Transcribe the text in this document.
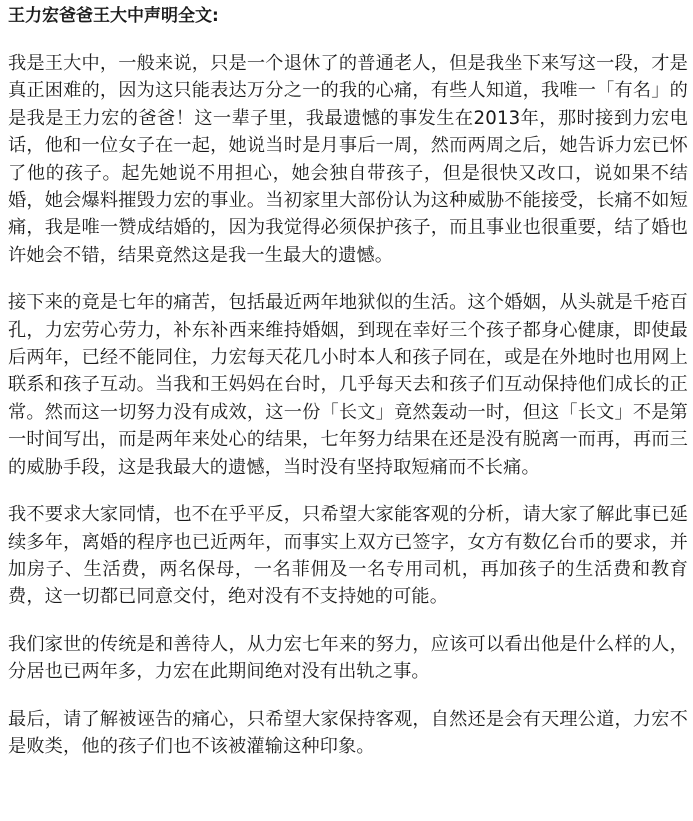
王力宏爸爸王大中声明全文:

我是王大中，一般来说，只是一个退休了的普通老人，但是我坐下来写这一段，才是真正困难的，因为这只能表达万分之一的我的心痛，有些人知道，我唯一「有名」的是我是王力宏的爸爸！这一辈子里，我最遗憾的事发生在2013年，那时接到力宏电话，他和一位女子在一起，她说当时是月事后一周，然而两周之后，她告诉力宏已怀了他的孩子。起先她说不用担心，她会独自带孩子，但是很快又改口，说如果不结婚，她会爆料摧毁力宏的事业。当初家里大部份认为这种威胁不能接受，长痛不如短痛，我是唯一赞成结婚的，因为我觉得必须保护孩子，而且事业也很重要，结了婚也许她会不错，结果竟然这是我一生最大的遗憾。

接下来的竟是七年的痛苦，包括最近两年地狱似的生活。这个婚姻，从头就是千疮百孔，力宏劳心劳力，补东补西来维持婚姻，到现在幸好三个孩子都身心健康，即使最后两年，已经不能同住，力宏每天花几小时本人和孩子同在，或是在外地时也用网上联系和孩子互动。当我和王妈妈在台时，几乎每天去和孩子们互动保持他们成长的正常。然而这一切努力没有成效，这一份「长文」竟然轰动一时，但这「长文」不是第一时间写出，而是两年来处心的结果，七年努力结果在还是没有脱离一而再，再而三的威胁手段，这是我最大的遗憾，当时没有坚持取短痛而不长痛。

我不要求大家同情，也不在乎平反，只希望大家能客观的分析，请大家了解此事已延续多年，离婚的程序也已近两年，而事实上双方已签字，女方有数亿台币的要求，并加房子、生活费，两名保母，一名菲佣及一名专用司机，再加孩子的生活费和教育费，这一切都已同意交付，绝对没有不支持她的可能。

我们家世的传统是和善待人，从力宏七年来的努力，应该可以看出他是什么样的人，分居也已两年多，力宏在此期间绝对没有出轨之事。

最后，请了解被诬告的痛心，只希望大家保持客观，自然还是会有天理公道，力宏不是败类，他的孩子们也不该被灌输这种印象。
